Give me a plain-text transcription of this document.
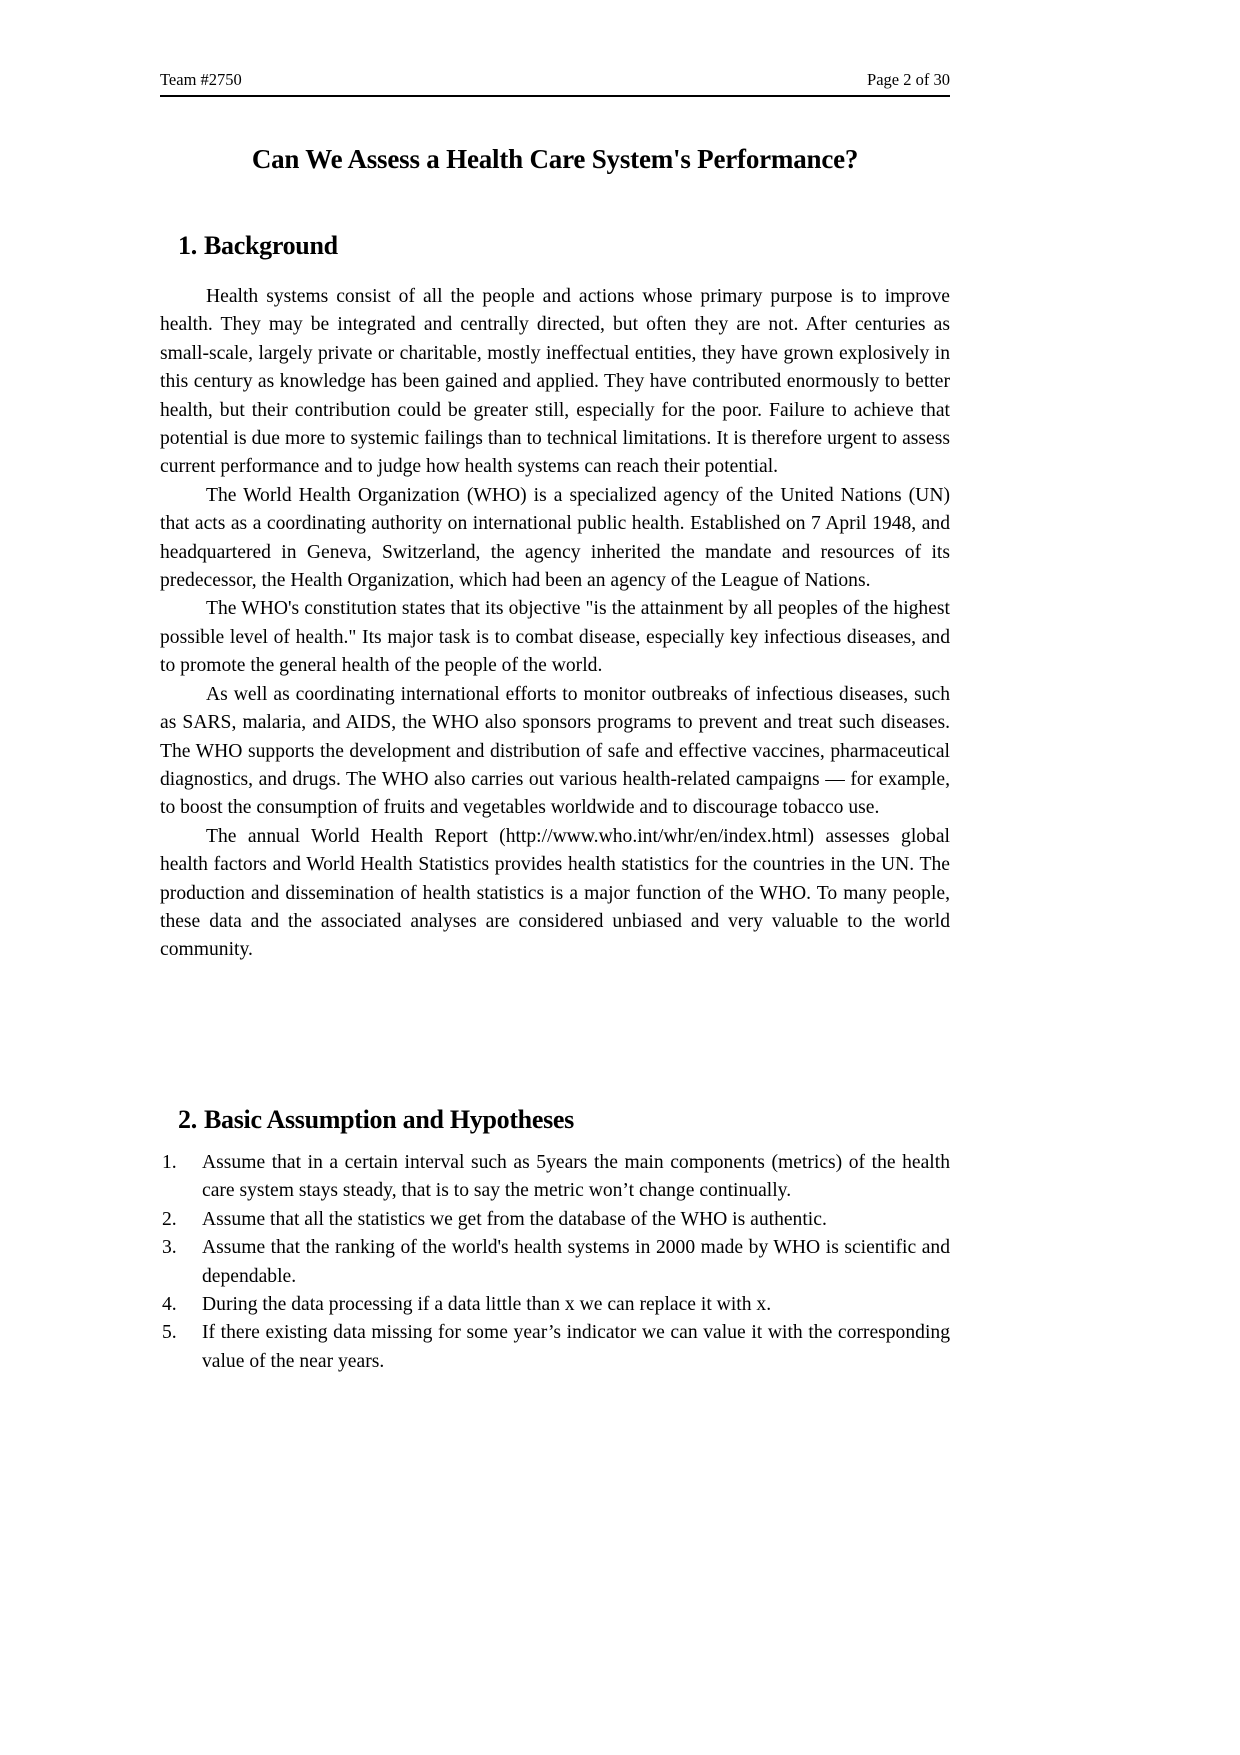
Team #2750	Page 2 of 30
Can We Assess a Health Care System's Performance?
1. Background

Health systems consist of all the people and actions whose primary purpose is to improve health. They may be integrated and centrally directed, but often they are not. After centuries as small-scale, largely private or charitable, mostly ineffectual entities, they have grown explosively in this century as knowledge has been gained and applied. They have contributed enormously to better health, but their contribution could be greater still, especially for the poor. Failure to achieve that potential is due more to systemic failings than to technical limitations. It is therefore urgent to assess current performance and to judge how health systems can reach their potential.

The World Health Organization (WHO) is a specialized agency of the United Nations (UN) that acts as a coordinating authority on international public health. Established on 7 April 1948, and headquartered in Geneva, Switzerland, the agency inherited the mandate and resources of its predecessor, the Health Organization, which had been an agency of the League of Nations.

The WHO's constitution states that its objective "is the attainment by all peoples of the highest possible level of health." Its major task is to combat disease, especially key infectious diseases, and to promote the general health of the people of the world.

As well as coordinating international efforts to monitor outbreaks of infectious diseases, such as SARS, malaria, and AIDS, the WHO also sponsors programs to prevent and treat such diseases. The WHO supports the development and distribution of safe and effective vaccines, pharmaceutical diagnostics, and drugs. The WHO also carries out various health-related campaigns — for example, to boost the consumption of fruits and vegetables worldwide and to discourage tobacco use.

The annual World Health Report (http://www.who.int/whr/en/index.html) assesses global health factors and World Health Statistics provides health statistics for the countries in the UN. The production and dissemination of health statistics is a major function of the WHO. To many people, these data and the associated analyses are considered unbiased and very valuable to the world community.

2. Basic Assumption and Hypotheses
Assume that in a certain interval such as 5years the main components (metrics) of the health care system stays steady, that is to say the metric won’t change continually.
Assume that all the statistics we get from the database of the WHO is authentic.
Assume that the ranking of the world's health systems in 2000 made by WHO is scientific and dependable.
During the data processing if a data little than x we can replace it with x.
If there existing data missing for some year’s indicator we can value it with the corresponding value of the near years.
